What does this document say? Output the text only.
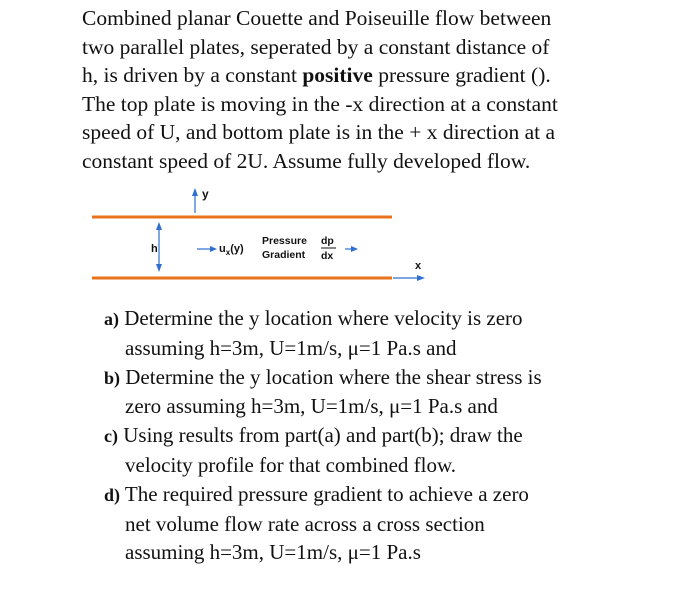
Combined planar Couette and Poiseuille flow between

two parallel plates, seperated by a constant distance of

h, is driven by a constant positive pressure gradient ().

The top plate is moving in the -x direction at a constant

speed of U, and bottom plate is in the + x direction at a

constant speed of 2U. Assume fully developed flow.

y
h	$u_x(y)$
Pressure
Gradient
dp
dx
x
a) Determine the y location where velocity is zero
assuming h=3m, U=1m/s, μ=1 Pa.s and
b) Determine the y location where the shear stress is
zero assuming h=3m, U=1m/s, μ=1 Pa.s and
c) Using results from part(a) and part(b); draw the
velocity profile for that combined flow.
d) The required pressure gradient to achieve a zero
net volume flow rate across a cross section
assuming h=3m, U=1m/s, μ=1 Pa.s
